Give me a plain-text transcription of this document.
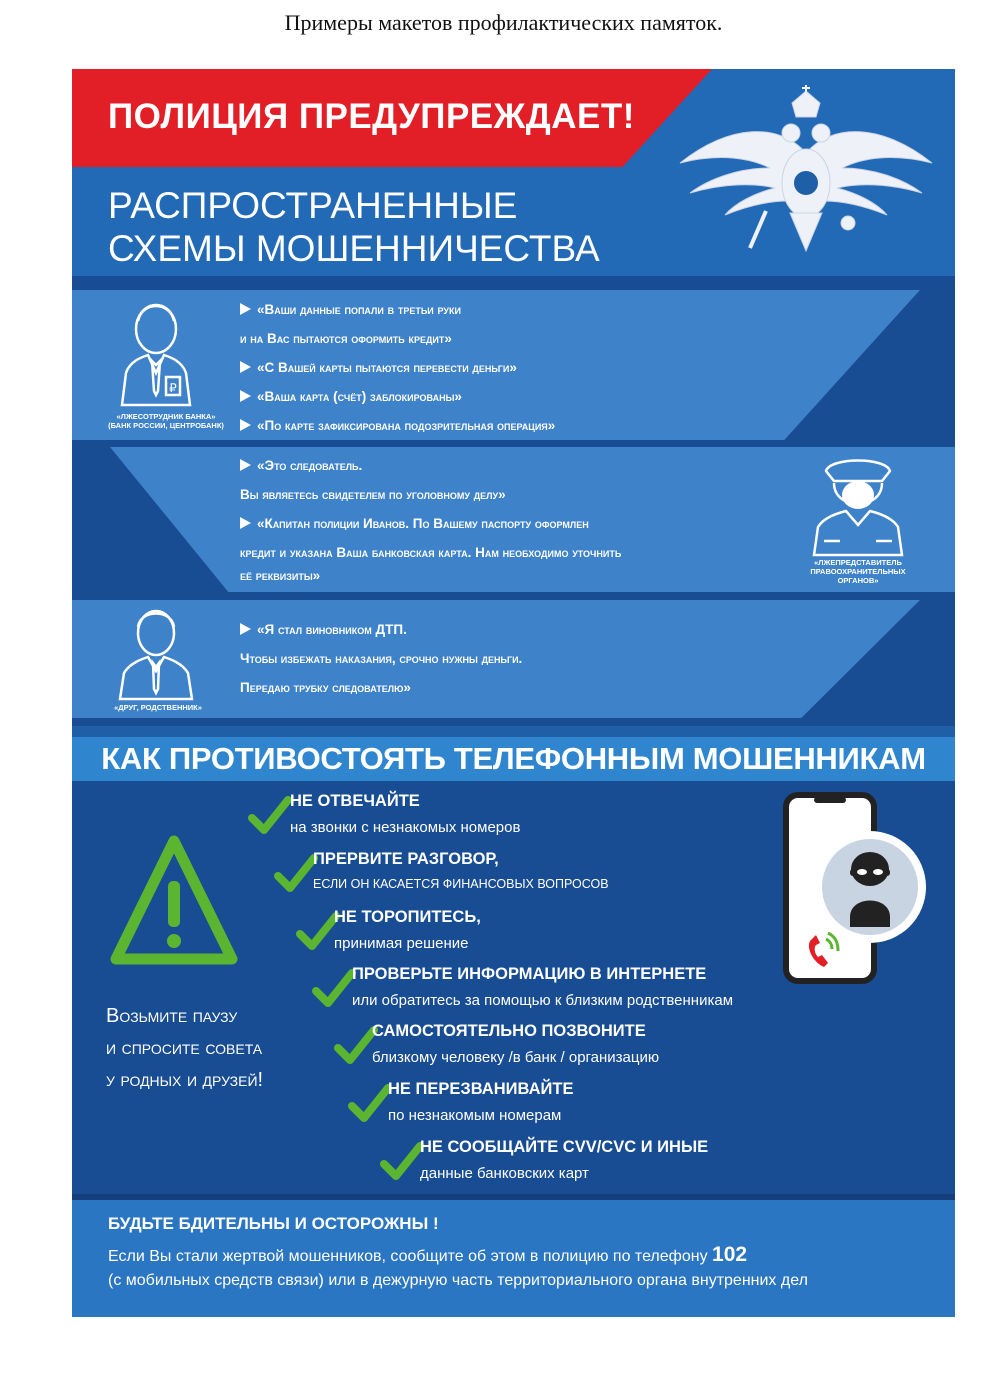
Примеры макетов профилактических памяток.
ПОЛИЦИЯ ПРЕДУПРЕЖДАЕТ!
РАСПРОСТРАНЕННЫЕ
СХЕМЫ МОШЕННИЧЕСТВА
₽
«ЛЖЕСОТРУДНИК БАНКА»
(БАНК РОССИИ, ЦЕНТРОБАНК)
«Ваши данные попали в третьи руки
и на Вас пытаются оформить кредит»
«С Вашей карты пытаются перевести деньги»
«Ваша карта (счёт) заблокированы»
«По карте зафиксирована подозрительная операция»
«ЛЖЕПРЕДСТАВИТЕЛЬ
ПРАВООХРАНИТЕЛЬНЫХ
ОРГАНОВ»
«Это следователь.
Вы являетесь свидетелем по уголовному делу»
«Капитан полиции Иванов. По Вашему паспорту оформлен
кредит и указана Ваша банковская карта. Нам необходимо уточнить
её реквизиты»
«ДРУГ, РОДСТВЕННИК»
«Я стал виновником ДТП.
Чтобы избежать наказания, срочно нужны деньги.
Передаю трубку следователю»
КАК ПРОТИВОСТОЯТЬ ТЕЛЕФОННЫМ МОШЕННИКАМ
Возьмите паузу
и спросите совета
у родных и друзей!
НЕ ОТВЕЧАЙТЕ
на звонки с незнакомых номеров
ПРЕРВИТЕ РАЗГОВОР,
ЕСЛИ ОН КАСАЕТСЯ ФИНАНСОВЫХ ВОПРОСОВ
НЕ ТОРОПИТЕСЬ,
принимая решение
ПРОВЕРЬТЕ ИНФОРМАЦИЮ В ИНТЕРНЕТЕ
или обратитесь за помощью к близким родственникам
САМОСТОЯТЕЛЬНО ПОЗВОНИТЕ
близкому человеку /в банк / организацию
НЕ ПЕРЕЗВАНИВАЙТЕ
по незнакомым номерам
НЕ СООБЩАЙТЕ CVV/CVC И ИНЫЕ
данные банковских карт
БУДЬТЕ БДИТЕЛЬНЫ И ОСТОРОЖНЫ !
Если Вы стали жертвой мошенников, сообщите об этом в полицию по телефону 102
(с мобильных средств связи) или в дежурную часть территориального органа внутренних дел
